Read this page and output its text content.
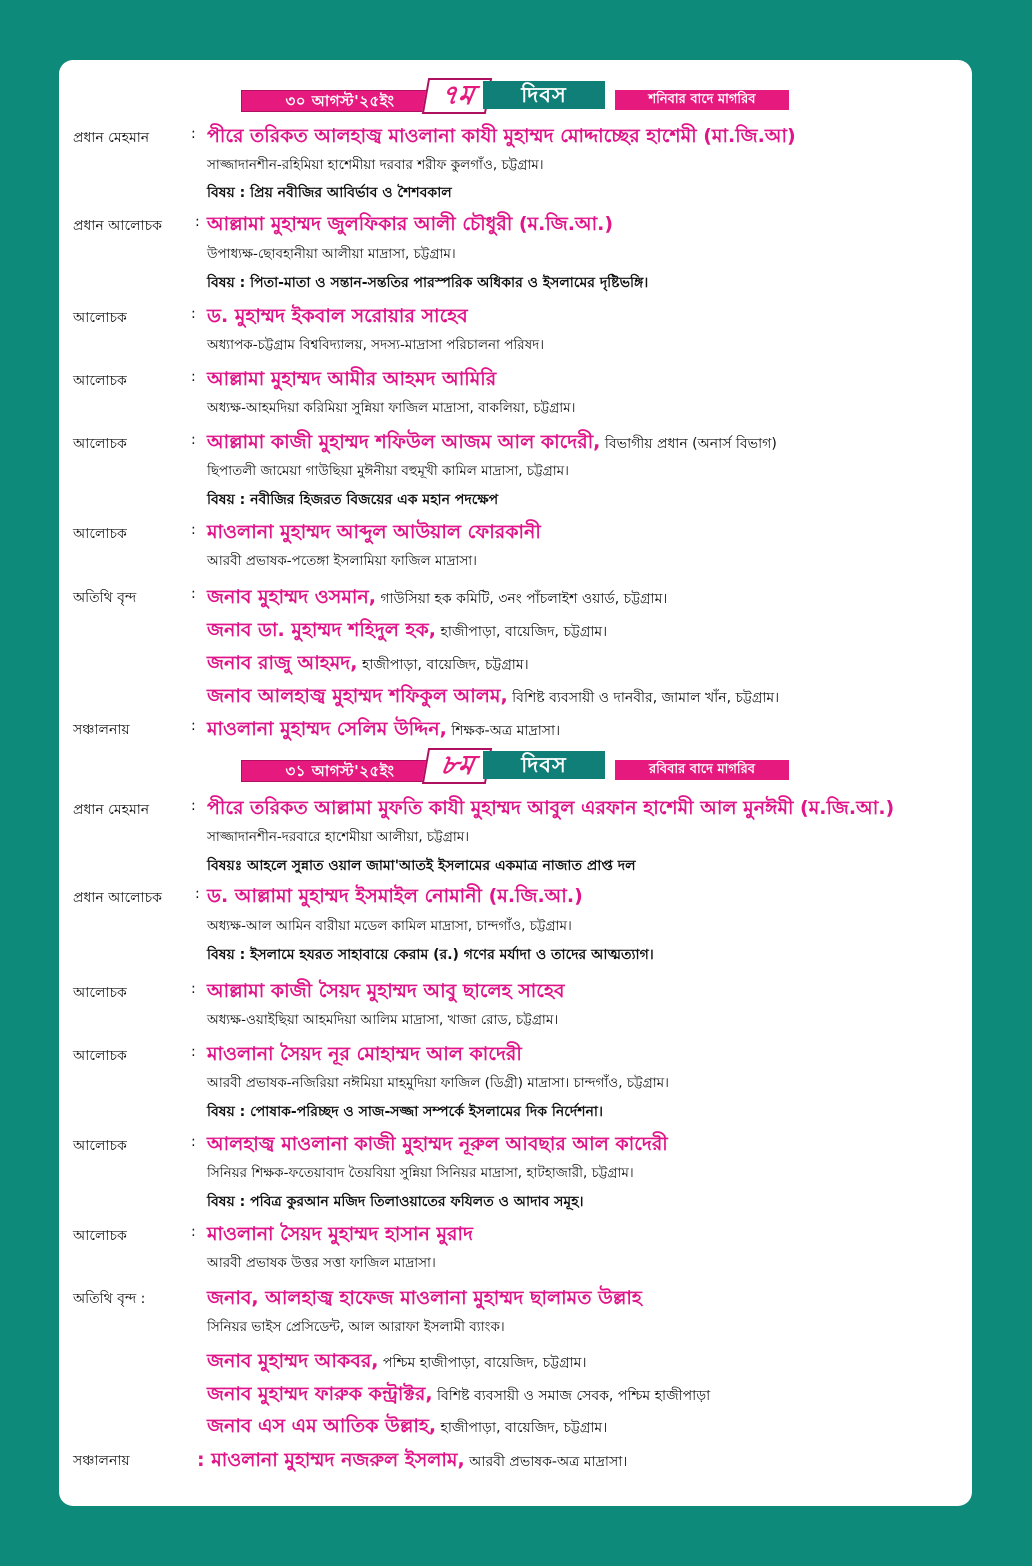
৩০ আগস্ট'২৫ইং	৭ম	দিবস	শনিবার বাদে মাগরিব
প্রধান মেহমান	: পীরে তরিকত আলহাজ্ব মাওলানা কাযী মুহাম্মদ মোদ্দাচ্ছের হাশেমী (মা.জি.আ)
সাজ্জাদানশীন-রহিমিয়া হাশেমীয়া দরবার শরীফ কুলগাঁও, চট্টগ্রাম।
বিষয় : প্রিয় নবীজির আবির্ভাব ও শৈশবকাল
প্রধান আলোচক : আল্লামা মুহাম্মদ জুলফিকার আলী চৌধুরী (ম.জি.আ.)
উপাধ্যক্ষ-ছোবহানীয়া আলীয়া মাদ্রাসা, চট্টগ্রাম।
বিষয় : পিতা-মাতা ও সন্তান-সন্ততির পারস্পরিক অধিকার ও ইসলামের দৃষ্টিভঙ্গি।
আলোচক	: ড. মুহাম্মদ ইকবাল সরোয়ার সাহেব
অধ্যাপক-চট্টগ্রাম বিশ্ববিদ্যালয়, সদস্য-মাদ্রাসা পরিচালনা পরিষদ।
আলোচক	: আল্লামা মুহাম্মদ আমীর আহমদ আমিরি
অধ্যক্ষ-আহমদিয়া করিমিয়া সুন্নিয়া ফাজিল মাদ্রাসা, বাকলিয়া, চট্টগ্রাম।
আলোচক	: আল্লামা কাজী মুহাম্মদ শফিউল আজম আল কাদেরী, বিভাগীয় প্রধান (অনার্স বিভাগ)
ছিপাতলী জামেয়া গাউছিয়া মুঈনীয়া বহুমূখী কামিল মাদ্রাসা, চট্টগ্রাম।
বিষয় : নবীজির হিজরত বিজয়ের এক মহান পদক্ষেপ
আলোচক	: মাওলানা মুহাম্মদ আব্দুল আউয়াল ফোরকানী
আরবী প্রভাষক-পতেঙ্গা ইসলামিয়া ফাজিল মাদ্রাসা।
অতিথি বৃন্দ	: জনাব মুহাম্মদ ওসমান, গাউসিয়া হক কমিটি, ৩নং পাঁচলাইশ ওয়ার্ড, চট্টগ্রাম।
জনাব ডা. মুহাম্মদ শহিদুল হক, হাজীপাড়া, বায়েজিদ, চট্টগ্রাম।
জনাব রাজু আহমদ, হাজীপাড়া, বায়েজিদ, চট্টগ্রাম।
জনাব আলহাজ্ব মুহাম্মদ শফিকুল আলম, বিশিষ্ট ব্যবসায়ী ও দানবীর, জামাল খাঁন, চট্টগ্রাম।
সঞ্চালনায়	: মাওলানা মুহাম্মদ সেলিম উদ্দিন, শিক্ষক-অত্র মাদ্রাসা।
৩১ আগস্ট'২৫ইং	৮ম	দিবস	রবিবার বাদে মাগরিব
প্রধান মেহমান	: পীরে তরিকত আল্লামা মুফতি কাযী মুহাম্মদ আবুল এরফান হাশেমী আল মুনঈমী (ম.জি.আ.)
সাজ্জাদানশীন-দরবারে হাশেমীয়া আলীয়া, চট্টগ্রাম।
বিষয়ঃ আহলে সুন্নাত ওয়াল জামা'আতই ইসলামের একমাত্র নাজাত প্রাপ্ত দল
প্রধান আলোচক : ড. আল্লামা মুহাম্মদ ইসমাইল নোমানী (ম.জি.আ.)
অধ্যক্ষ-আল আমিন বারীয়া মডেল কামিল মাদ্রাসা, চান্দগাঁও, চট্টগ্রাম।
বিষয় : ইসলামে হযরত সাহাবায়ে কেরাম (র.) গণের মর্যাদা ও তাদের আত্মত্যাগ।
আলোচক	: আল্লামা কাজী সৈয়দ মুহাম্মদ আবু ছালেহ সাহেব
অধ্যক্ষ-ওয়াইছিয়া আহমদিয়া আলিম মাদ্রাসা, খাজা রোড, চট্টগ্রাম।
আলোচক	: মাওলানা সৈয়দ নূর মোহাম্মদ আল কাদেরী
আরবী প্রভাষক-নজিরিয়া নঈমিয়া মাহমুদিয়া ফাজিল (ডিগ্রী) মাদ্রাসা। চান্দগাঁও, চট্টগ্রাম।
বিষয় : পোষাক-পরিচ্ছদ ও সাজ-সজ্জা সম্পর্কে ইসলামের দিক নির্দেশনা।
আলোচক	: আলহাজ্ব মাওলানা কাজী মুহাম্মদ নূরুল আবছার আল কাদেরী
সিনিয়র শিক্ষক-ফতেয়াবাদ তৈয়বিয়া সুন্নিয়া সিনিয়র মাদ্রাসা, হাটহাজারী, চট্টগ্রাম।
বিষয় : পবিত্র কুরআন মজিদ তিলাওয়াতের ফযিলত ও আদাব সমূহ।
আলোচক	: মাওলানা সৈয়দ মুহাম্মদ হাসান মুরাদ
আরবী প্রভাষক উত্তর সত্তা ফাজিল মাদ্রাসা।
অতিথি বৃন্দ :	জনাব, আলহাজ্ব হাফেজ মাওলানা মুহাম্মদ ছালামত উল্লাহ
সিনিয়র ভাইস প্রেসিডেন্ট, আল আরাফা ইসলামী ব্যাংক।
জনাব মুহাম্মদ আকবর, পশ্চিম হাজীপাড়া, বায়েজিদ, চট্টগ্রাম।
জনাব মুহাম্মদ ফারুক কন্ট্রাক্টর, বিশিষ্ট ব্যবসায়ী ও সমাজ সেবক, পশ্চিম হাজীপাড়া
জনাব এস এম আতিক উল্লাহ, হাজীপাড়া, বায়েজিদ, চট্টগ্রাম।
সঞ্চালনায়	: মাওলানা মুহাম্মদ নজরুল ইসলাম, আরবী প্রভাষক-অত্র মাদ্রাসা।
